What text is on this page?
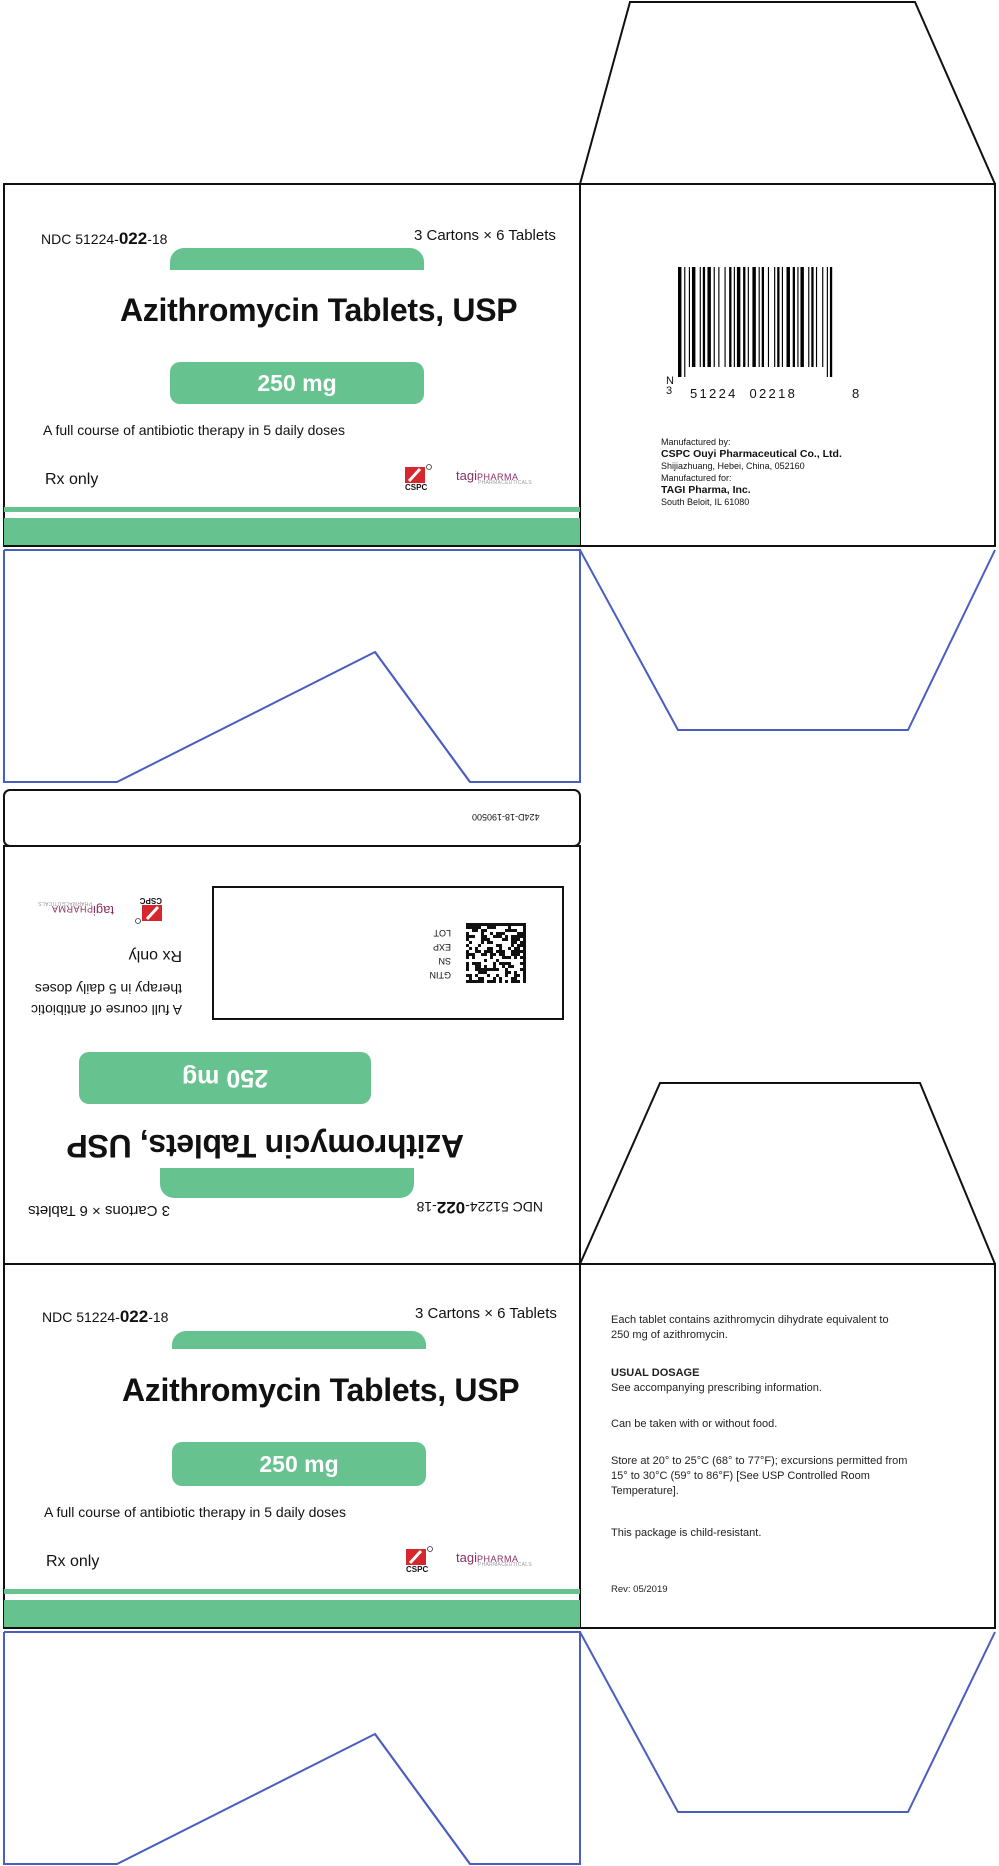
NDC 51224-022-18	3 Cartons × 6 Tablets
Azithromycin Tablets, USP
250 mg
A full course of antibiotic therapy in 5 daily doses
Rx only	CSPC
tagiPHARMA
PHARMACEUTICALS
N
3 51224  02218	8
Manufactured by:
CSPC Ouyi Pharmaceutical Co., Ltd.
Shijiazhuang, Hebei, China, 052160
Manufactured for:
TAGI Pharma, Inc.
South Beloit, IL 61080
424D-18-190500
NDC 51224-022-18
3 Cartons × 6 Tablets
Azithromycin Tablets, USP
250 mg
GTIN
SN
EXP
LOT
A full course of antibiotic
therapy in 5 daily doses
Rx only
CSPC
tagiPHARMA
PHARMACEUTICALS
NDC 51224-022-18	3 Cartons × 6 Tablets
Azithromycin Tablets, USP
250 mg
A full course of antibiotic therapy in 5 daily doses
Rx only	CSPC
tagiPHARMA
PHARMACEUTICALS
Each tablet contains azithromycin dihydrate equivalent to 250 mg of azithromycin.
USUAL DOSAGE
See accompanying prescribing information.
Can be taken with or without food.
Store at 20° to 25°C (68° to 77°F); excursions permitted from 15° to 30°C (59° to 86°F) [See USP Controlled Room Temperature].
This package is child-resistant.
Rev: 05/2019
